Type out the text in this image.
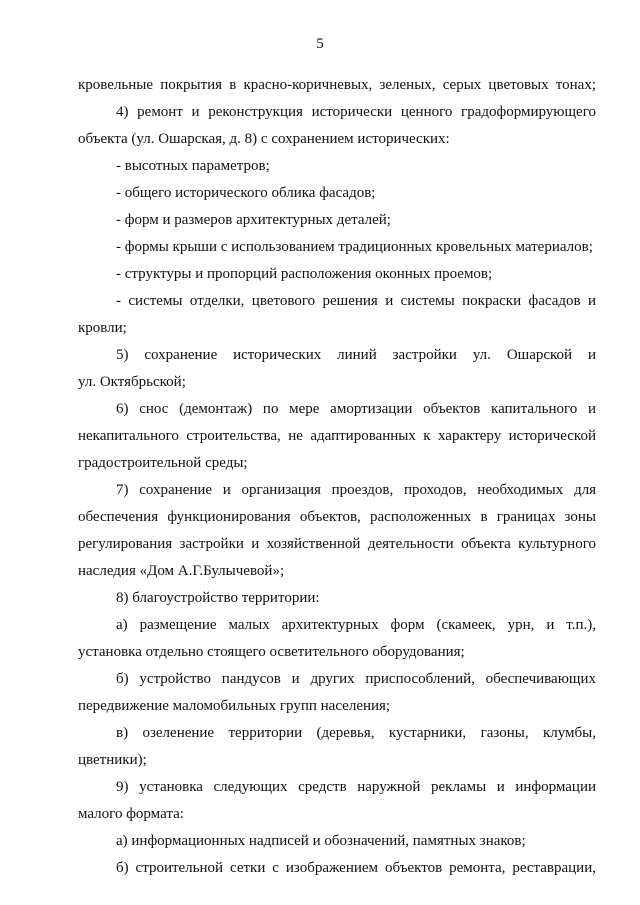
5
кровельные покрытия в красно-коричневых, зеленых, серых цветовых тонах;
4) ремонт и реконструкция исторически ценного градоформирующего
объекта (ул. Ошарская, д. 8) с сохранением исторических:
- высотных параметров;
- общего исторического облика фасадов;
- форм и размеров архитектурных деталей;
- формы крыши с использованием традиционных кровельных материалов;
- структуры и пропорций расположения оконных проемов;
- системы отделки, цветового решения и системы покраски фасадов и
кровли;
5) сохранение исторических линий застройки ул. Ошарской и
ул. Октябрьской;
6) снос (демонтаж) по мере амортизации объектов капитального и
некапитального строительства, не адаптированных к характеру исторической
градостроительной среды;
7) сохранение и организация проездов, проходов, необходимых для
обеспечения функционирования объектов, расположенных в границах зоны
регулирования застройки и хозяйственной деятельности объекта культурного
наследия «Дом А.Г.Булычевой»;
8) благоустройство территории:
а) размещение малых архитектурных форм (скамеек, урн, и т.п.),
установка отдельно стоящего осветительного оборудования;
б) устройство пандусов и других приспособлений, обеспечивающих
передвижение маломобильных групп населения;
в) озеленение территории (деревья, кустарники, газоны, клумбы,
цветники);
9) установка следующих средств наружной рекламы и информации
малого формата:
а) информационных надписей и обозначений, памятных знаков;
б) строительной сетки с изображением объектов ремонта, реставрации,
